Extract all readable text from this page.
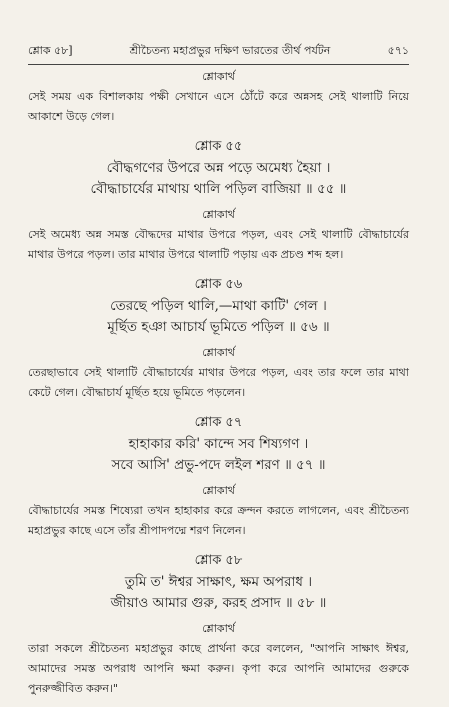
শ্লোক ৫৮]	শ্রীচৈতন্য মহাপ্রভুর দক্ষিণ ভারতের তীর্থ পর্যটন	৫৭১

শ্লোকার্থ

সেই সময় এক বিশালকায় পক্ষী সেখানে এসে ঠোঁটে করে অন্নসহ সেই থালাটি নিয়ে আকাশে উড়ে গেল।

শ্লোক ৫৫

বৌদ্ধগণের উপরে অন্ন পড়ে অমেধ্য হৈয়া ।

বৌদ্ধাচার্যের মাথায় থালি পড়িল বাজিয়া ॥ ৫৫ ॥

শ্লোকার্থ

সেই অমেধ্য অন্ন সমস্ত বৌদ্ধদের মাথার উপরে পড়ল, এবং সেই থালাটি বৌদ্ধাচার্যের মাথার উপরে পড়ল। তার মাথার উপরে থালাটি পড়ায় এক প্রচণ্ড শব্দ হল।

শ্লোক ৫৬

তেরছে পড়িল থালি,—মাথা কাটি' গেল ।

মূর্ছিত হঞা আচার্য ভূমিতে পড়িল ॥ ৫৬ ॥

শ্লোকার্থ

তেরছাভাবে সেই থালাটি বৌদ্ধাচার্যের মাথার উপরে পড়ল, এবং তার ফলে তার মাথা কেটে গেল। বৌদ্ধাচার্য মূর্ছিত হয়ে ভূমিতে পড়লেন।

শ্লোক ৫৭

হাহাকার করি' কান্দে সব শিষ্যগণ ।

সবে আসি' প্রভু-পদে লইল শরণ ॥ ৫৭ ॥

শ্লোকার্থ

বৌদ্ধাচার্যের সমস্ত শিষ্যেরা তখন হাহাকার করে ক্রন্দন করতে লাগলেন, এবং শ্রীচৈতন্য মহাপ্রভুর কাছে এসে তাঁর শ্রীপাদপদ্মে শরণ নিলেন।

শ্লোক ৫৮

তুমি ত' ঈশ্বর সাক্ষাৎ, ক্ষম অপরাধ ।

জীয়াও আমার গুরু, করহ প্রসাদ ॥ ৫৮ ॥

শ্লোকার্থ

তারা সকলে শ্রীচৈতন্য মহাপ্রভুর কাছে প্রার্থনা করে বললেন, "আপনি সাক্ষাৎ ঈশ্বর, আমাদের সমস্ত অপরাধ আপনি ক্ষমা করুন। কৃপা করে আপনি আমাদের গুরুকে পুনরুজ্জীবিত করুন।"
